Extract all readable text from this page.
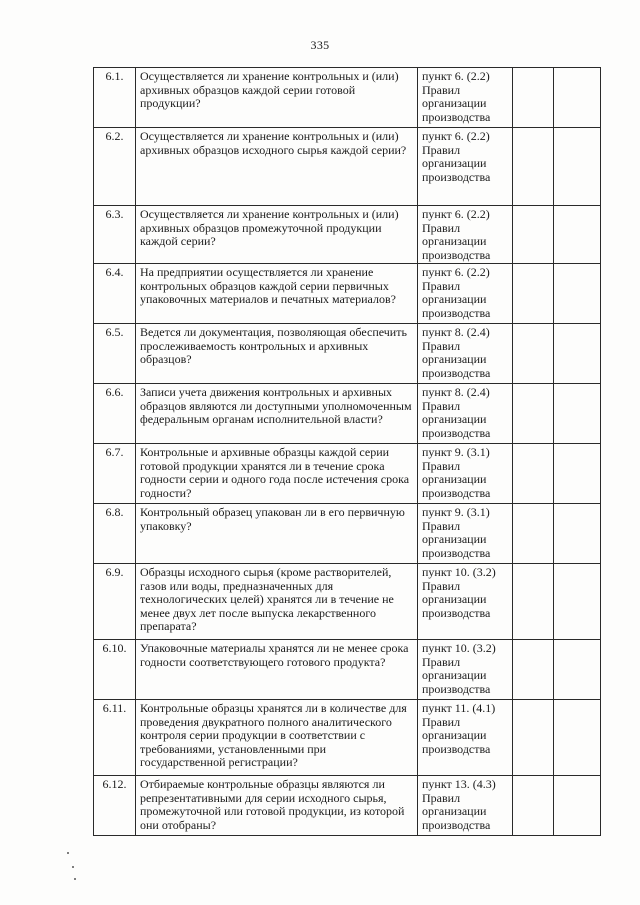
335
6.1.	Осуществляется ли хранение контрольных и (или) архивных образцов каждой серии готовой продукции?	пункт 6. (2.2) Правил организации производства		
6.2.	Осуществляется ли хранение контрольных и (или) архивных образцов исходного сырья каждой серии?	пункт 6. (2.2) Правил организации производства		
6.3.	Осуществляется ли хранение контрольных и (или) архивных образцов промежуточной продукции каждой серии?	пункт 6. (2.2) Правил организации производства		
6.4.	На предприятии осуществляется ли хранение контрольных образцов каждой серии первичных упаковочных материалов и печатных материалов?	пункт 6. (2.2) Правил организации производства		
6.5.	Ведется ли документация, позволяющая обеспечить прослеживаемость контрольных и архивных образцов?	пункт 8. (2.4) Правил организации производства		
6.6.	Записи учета движения контрольных и архивных образцов являются ли доступными уполномоченным федеральным органам исполнительной власти?	пункт 8. (2.4) Правил организации производства		
6.7.	Контрольные и архивные образцы каждой серии готовой продукции хранятся ли в течение срока годности серии и одного года после истечения срока годности?	пункт 9. (3.1) Правил организации производства		
6.8.	Контрольный образец упакован ли в его первичную упаковку?	пункт 9. (3.1) Правил организации производства		
6.9.	Образцы исходного сырья (кроме растворителей, газов или воды, предназначенных для технологических целей) хранятся ли в течение не менее двух лет после выпуска лекарственного препарата?	пункт 10. (3.2) Правил организации производства		
6.10.	Упаковочные материалы хранятся ли не менее срока годности соответствующего готового продукта?	пункт 10. (3.2) Правил организации производства		
6.11.	Контрольные образцы хранятся ли в количестве для проведения двукратного полного аналитического контроля серии продукции в соответствии с требованиями, установленными при государственной регистрации?	пункт 11. (4.1) Правил организации производства		
6.12.	Отбираемые контрольные образцы являются ли репрезентативными для серии исходного сырья, промежуточной или готовой продукции, из которой они отобраны?	пункт 13. (4.3) Правил организации производства		
